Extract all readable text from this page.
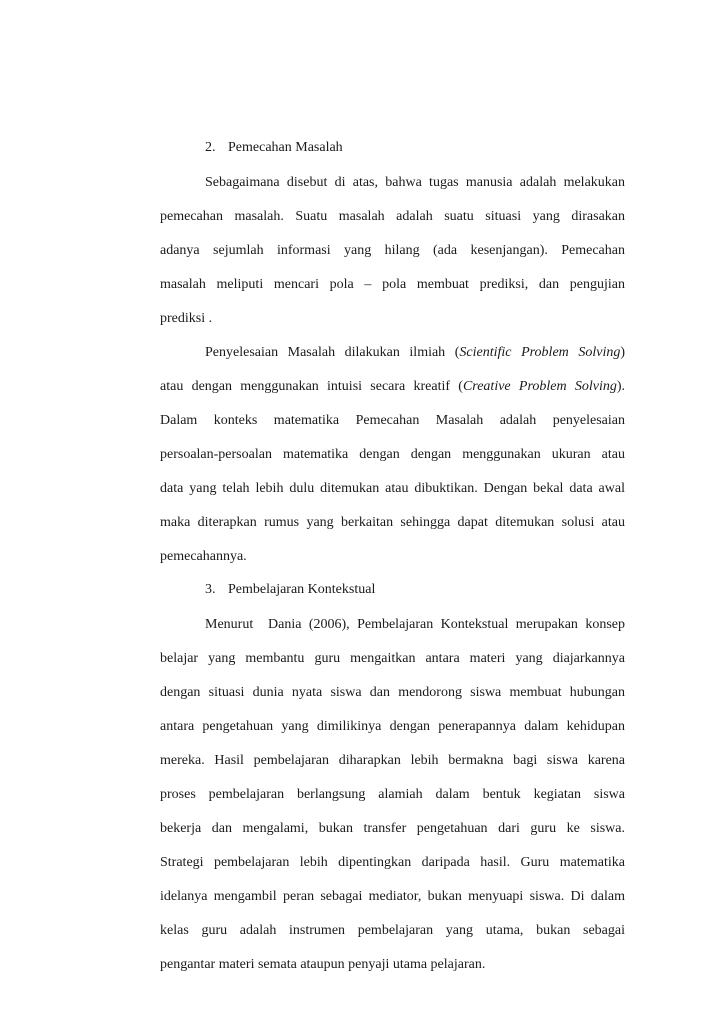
2. Pemecahan Masalah
Sebagaimana disebut di atas, bahwa tugas manusia adalah melakukan
pemecahan masalah. Suatu masalah adalah suatu situasi yang dirasakan
adanya sejumlah informasi yang hilang (ada kesenjangan). Pemecahan
masalah meliputi mencari pola – pola membuat prediksi, dan pengujian
prediksi .
Penyelesaian Masalah dilakukan ilmiah (Scientific Problem Solving)
atau dengan menggunakan intuisi secara kreatif (Creative Problem Solving).
Dalam konteks matematika Pemecahan Masalah adalah penyelesaian
persoalan-persoalan matematika dengan dengan menggunakan ukuran atau
data yang telah lebih dulu ditemukan atau dibuktikan. Dengan bekal data awal
maka diterapkan rumus yang berkaitan sehingga dapat ditemukan solusi atau
pemecahannya.
3. Pembelajaran Kontekstual
Menurut  Dania (2006), Pembelajaran Kontekstual merupakan konsep
belajar yang membantu guru mengaitkan antara materi yang diajarkannya
dengan situasi dunia nyata siswa dan mendorong siswa membuat hubungan
antara pengetahuan yang dimilikinya dengan penerapannya dalam kehidupan
mereka. Hasil pembelajaran diharapkan lebih bermakna bagi siswa karena
proses pembelajaran berlangsung alamiah dalam bentuk kegiatan siswa
bekerja dan mengalami, bukan transfer pengetahuan dari guru ke siswa.
Strategi pembelajaran lebih dipentingkan daripada hasil. Guru matematika
idelanya mengambil peran sebagai mediator, bukan menyuapi siswa. Di dalam
kelas guru adalah instrumen pembelajaran yang utama, bukan sebagai
pengantar materi semata ataupun penyaji utama pelajaran.
